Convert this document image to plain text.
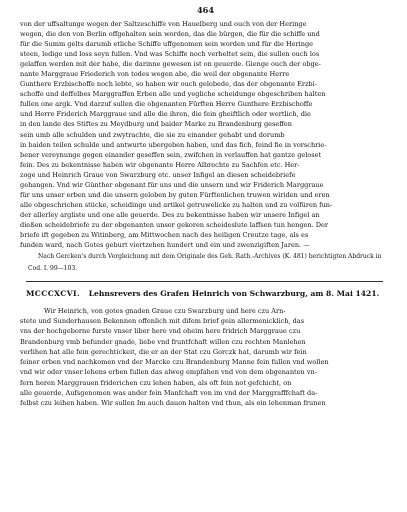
464

von der uffsaltunge wegen der Saltzeschiffe von Hauelberg und ouch von der Heringe

wegen, die den von Berlin offgehalten sein worden, das die bürgen, die für die schiffe und

für die Summ gelts darumb etliche Schiffe uffgenomen sein worden und für die Heringe

steen, ledige und loss seyn fullen. Vnd was Schiffe noch verheltet sein, die sullen ouch los

gelaffen werden mit der habe, die darinne gewesen ist on geuerde. Gienge ouch der obge-

nante Marggraue Friederich von todes wegen abe, die weil der obgenante Herre

Gunthere Erzbischoffe noch lebte, so haben wir ouch gelobede, das der obgenante Erzbi-

schoffe und deffelbes Marggraffen Erben alle und yegliche scheidunge obgeschriben halten

fullen one argk. Vnd darzuf sullen die obgenanten Fürften Herre Gunthere Erzbischoffe

und Herre Friderich Marggraue und alle die ihren, die fein gheiftlich oder wertlich, die

in den lande des Stiftes zu Meydburg und baider Marke zu Brandenburg geseffen

sein umb alle schulden und zwytrachte, die sie zu einander gehabt und dorumb

in baiden teilen schulde und antwurte ubergeben haben, und das fich, feind fie in vorschrie-

bener vereynunge gegen einander geseffen sein, zwifchen in verlauffen hat gantze geloset

fein. Des zu bekentnisse haben wir obgenante Herre Albrechte zu Sachfen etc. Her-

zoge und Heinrich Graue von Swarzburg etc. unser Infigel an diesen scheidebriefe

gehangen. Vnd wir Günther obgenant für uns und die unsern und wir Friderich Marggraue

für uns unser erben und die unsern geloben by guten Fürftenlichen truwen wiriden und eren

alle obgeschrichen stücke, scheidinge und artikel getruwelicke zu halten und zu volfüren fun-

der allerley argliste und one alle geuerde. Des zu bekentnisse haben wir unsere Infigel an

dießen scheidebriefe zu der obgenanten unser gekoren scheideslute laffsen tun hengen. Der

briefe ift gegeben zu Witinberg, am Mittwochen nach des heiligen Creutze tage, als es

funden ward, nach Gotes geburt viertzehen hundert und ein und zwenzigiften Jaren. —

Nach Gercken's durch Vergleichung mit dem Originale des Geh. Rath.-Archives (K. 481) berichtigten Abdruck in
Cod. I. 99—103.
MCCCXCVI. Lehnsrevers des Grafen Heinrich von Schwarzburg, am 8. Mai 1421.

Wir Heinrich, von gotes gnaden Graue czu Swarzburg und here czu Arn-

stete und Sunderhausen Bekennen offenlich mit difem brief gein allermenicklich, das

vns der hochgeborne furste vnser liber here vnd oheim here fridrich Marggraue czu

Brandenburg vmb befunder gnade, liebe vnd fruntfchaft willen czu rechten Manlehen

verlihen hat alle fein gerechtickeit, die er an der Stat czu Gorczk hat, darumb wir fein

feiner erben vnd nachkomen vnd der Marcke czu Brandenburg Manne fein fullen vnd wollen

vnd wir oder vnser lehens erben fullen das alweg empfahen vnd von dem obgenanten vn-

fern heren Marggrauen friderichen czu lehen haben, als oft fein not gefchicht, on

alle geuerde, Aufsgenomen was ander fein Manfchaft von im vnd der Marggrafffchaft da-

felbst czu leihen haben. Wir sullen Im auch dauon halten vnd thun, als ein lehenman frunen
